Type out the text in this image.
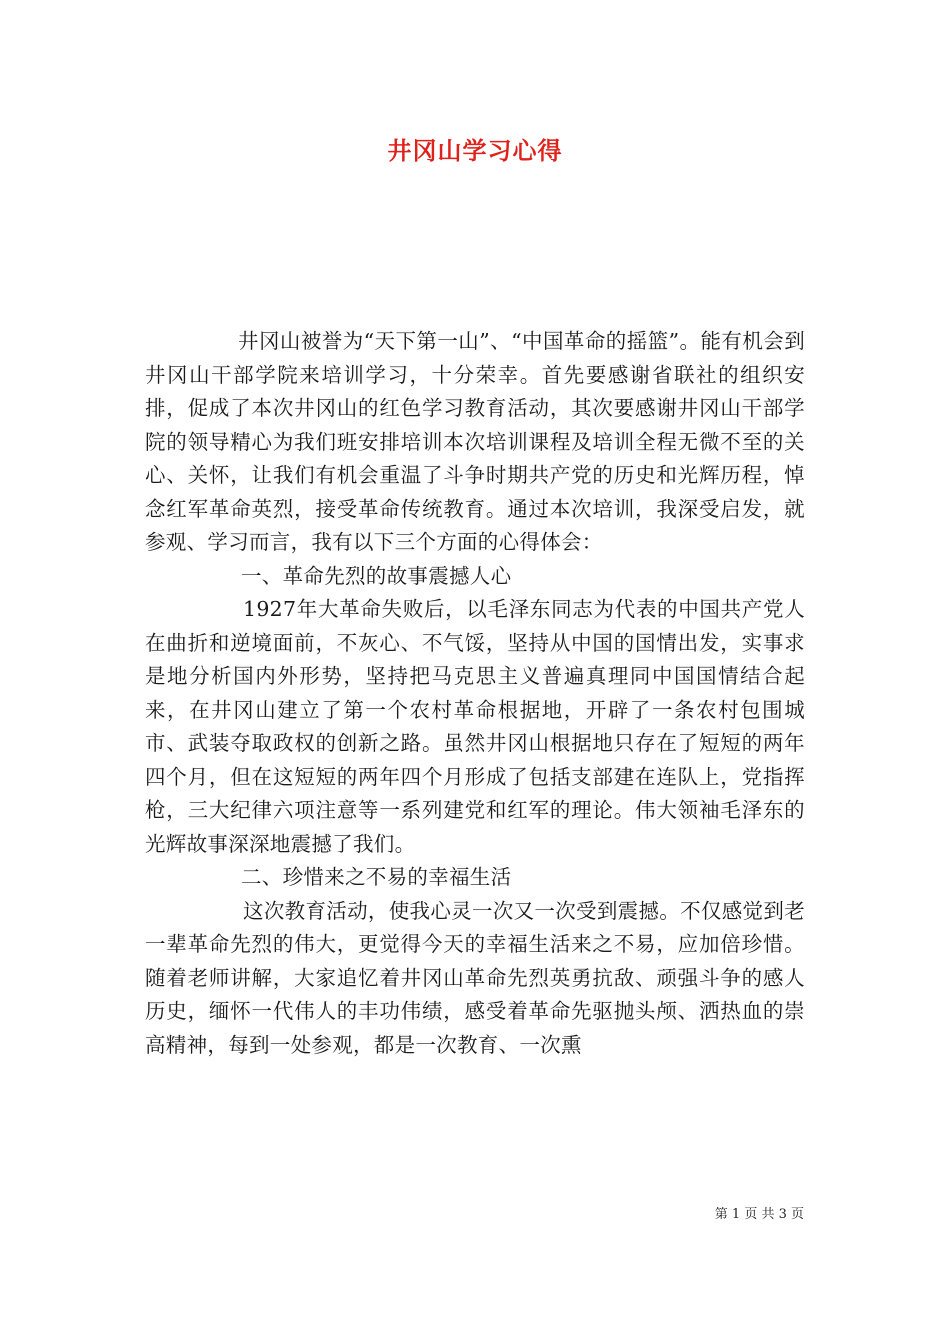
井冈山学习心得

井冈山被誉为“天下第一山”、“中国革命的摇篮”。能有机会到井冈山干部学院来培训学习，十分荣幸。首先要感谢省联社的组织安排，促成了本次井冈山的红色学习教育活动，其次要感谢井冈山干部学院的领导精心为我们班安排培训本次培训课程及培训全程无微不至的关心、关怀，让我们有机会重温了斗争时期共产党的历史和光辉历程，悼念红军革命英烈，接受革命传统教育。通过本次培训，我深受启发，就参观、学习而言，我有以下三个方面的心得体会：

一、革命先烈的故事震撼人心

1927年大革命失败后，以毛泽东同志为代表的中国共产党人在曲折和逆境面前，不灰心、不气馁，坚持从中国的国情出发，实事求是地分析国内外形势，坚持把马克思主义普遍真理同中国国情结合起来，在井冈山建立了第一个农村革命根据地，开辟了一条农村包围城市、武装夺取政权的创新之路。虽然井冈山根据地只存在了短短的两年四个月，但在这短短的两年四个月形成了包括支部建在连队上，党指挥枪，三大纪律六项注意等一系列建党和红军的理论。伟大领袖毛泽东的光辉故事深深地震撼了我们。

二、珍惜来之不易的幸福生活

这次教育活动，使我心灵一次又一次受到震撼。不仅感觉到老一辈革命先烈的伟大，更觉得今天的幸福生活来之不易，应加倍珍惜。随着老师讲解，大家追忆着井冈山革命先烈英勇抗敌、顽强斗争的感人历史，缅怀一代伟人的丰功伟绩，感受着革命先驱抛头颅、洒热血的崇高精神，每到一处参观，都是一次教育、一次熏

第 1 页 共 3 页
